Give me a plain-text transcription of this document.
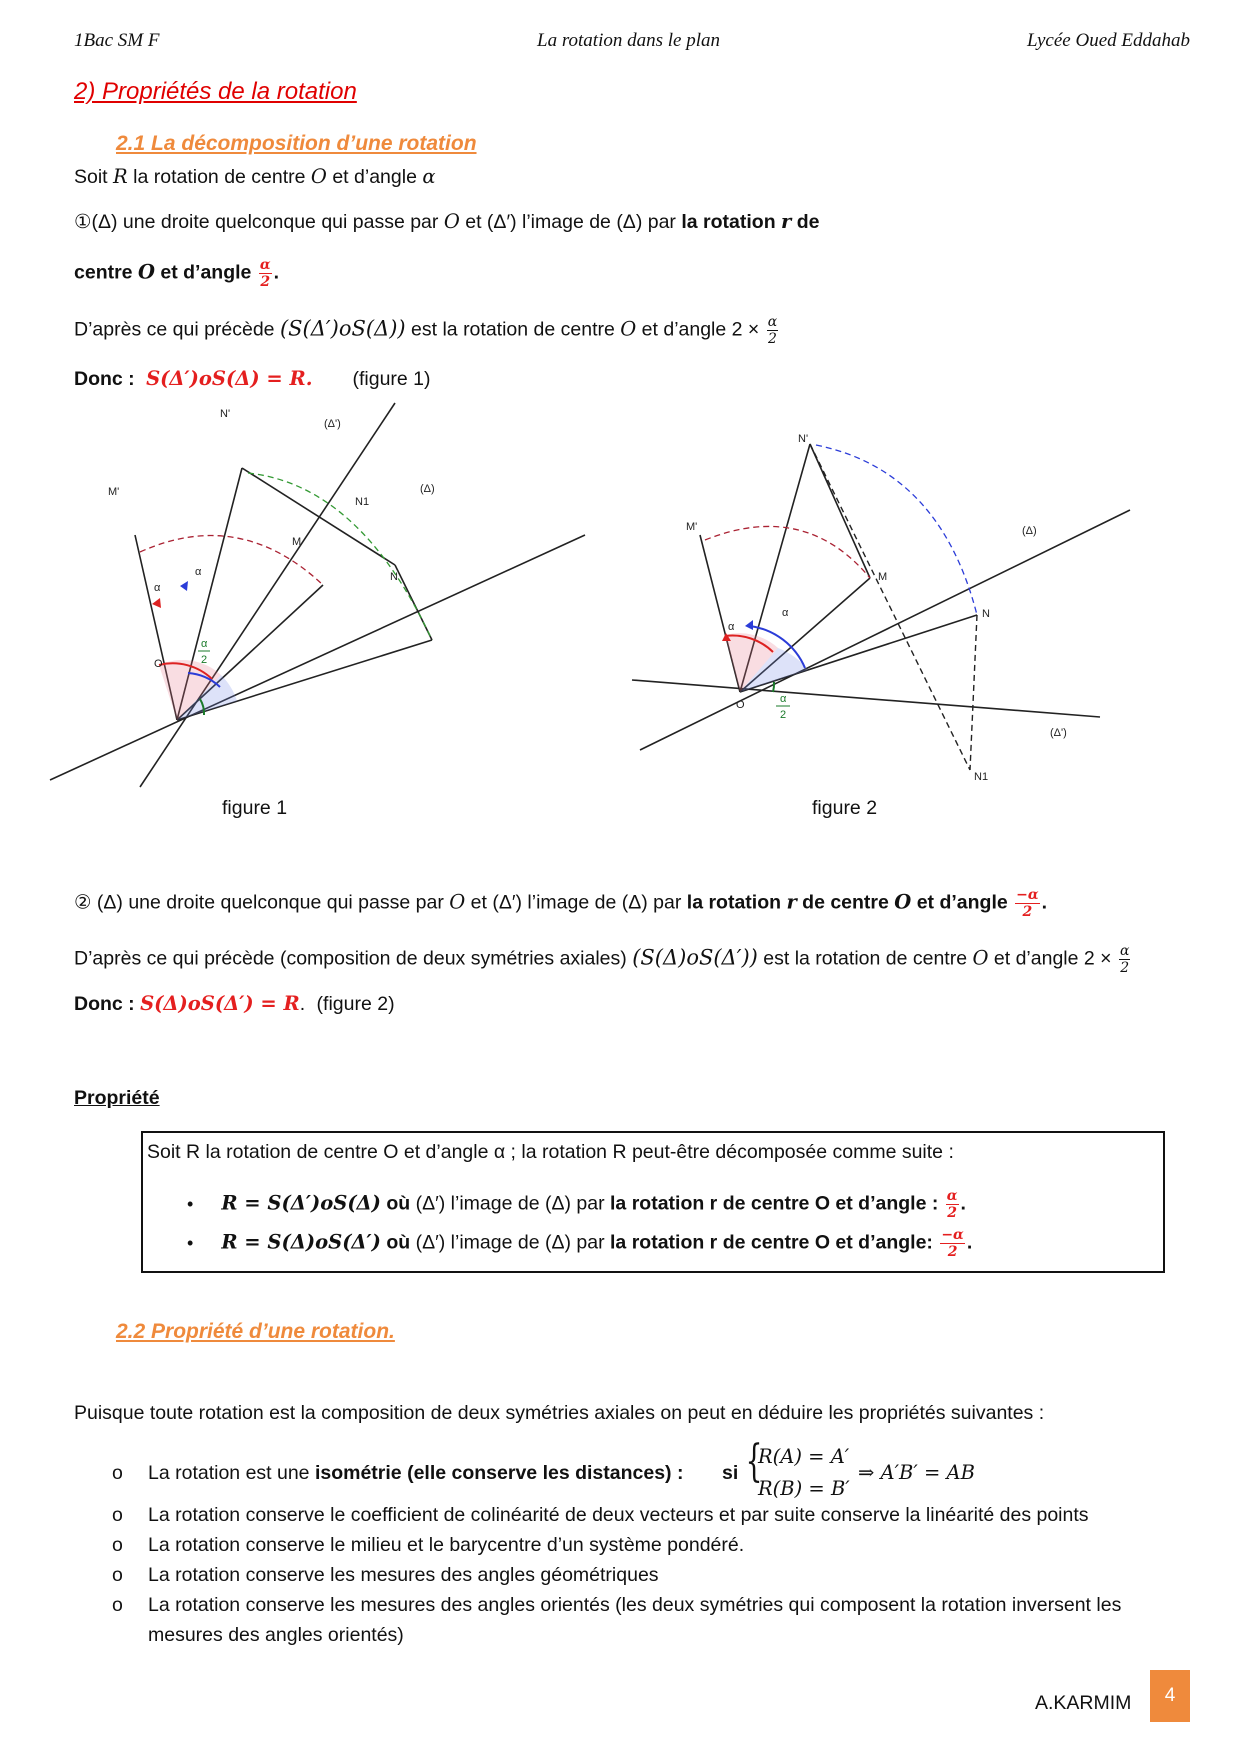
1Bac SM F	La rotation dans le plan	Lycée Oued Eddahab
2) Propriétés de la rotation
2.1 La décomposition d’une rotation
Soit R la rotation de centre O et d’angle α
①(Δ) une droite quelconque qui passe par O et (Δ′) l’image de (Δ) par la rotation r de
centre O et d’angle $\frac{\alpha}{2}$ .
D’après ce qui précède (S(Δ′)oS(Δ)) est la rotation de centre O et d’angle $2 \times \frac{\alpha}{2}$
Donc : S(Δ′)oS(Δ) = R. (figure 1)
N'
M'
M
N
N1
O
(Δ)
(Δ')
α
α
α
2
N'
M'
M
N
N1
O
(Δ)
(Δ')
α
α
α
2
figure 1	figure 2
② (Δ) une droite quelconque qui passe par O et (Δ′) l’image de (Δ) par la rotation r de centre O et d’angle $\frac{-\alpha}{2}$ .
D’après ce qui précède (composition de deux symétries axiales) (S(Δ)oS(Δ′)) est la rotation de centre O et d’angle $2 \times \frac{\alpha}{2}$
Donc : S(Δ)oS(Δ′) = R. (figure 2)
Propriété
Soit R la rotation de centre O et d’angle α ; la rotation R peut-être décomposée comme suite :
• R = S(Δ′)oS(Δ) où (Δ′) l’image de (Δ) par la rotation r de centre O et d’angle : $\frac{\alpha}{2}$ .
• R = S(Δ)oS(Δ′) où (Δ′) l’image de (Δ) par la rotation r de centre O et d’angle: $\frac{-\alpha}{2}$ .
2.2 Propriété d’une rotation.
Puisque toute rotation est la composition de deux symétries axiales on peut en déduire les propriétés suivantes :
o La rotation est une isométrie (elle conserve les distances) : si {
R(A) = A′
R(B) = B′
⇒ A′B′ = AB
o La rotation conserve le coefficient de colinéarité de deux vecteurs et par suite conserve la linéarité des points
o La rotation conserve le milieu et le barycentre d’un système pondéré.
o La rotation conserve les mesures des angles géométriques
o La rotation conserve les mesures des angles orientés (les deux symétries qui composent la rotation inversent les
mesures des angles orientés)
A.KARMIM	4
